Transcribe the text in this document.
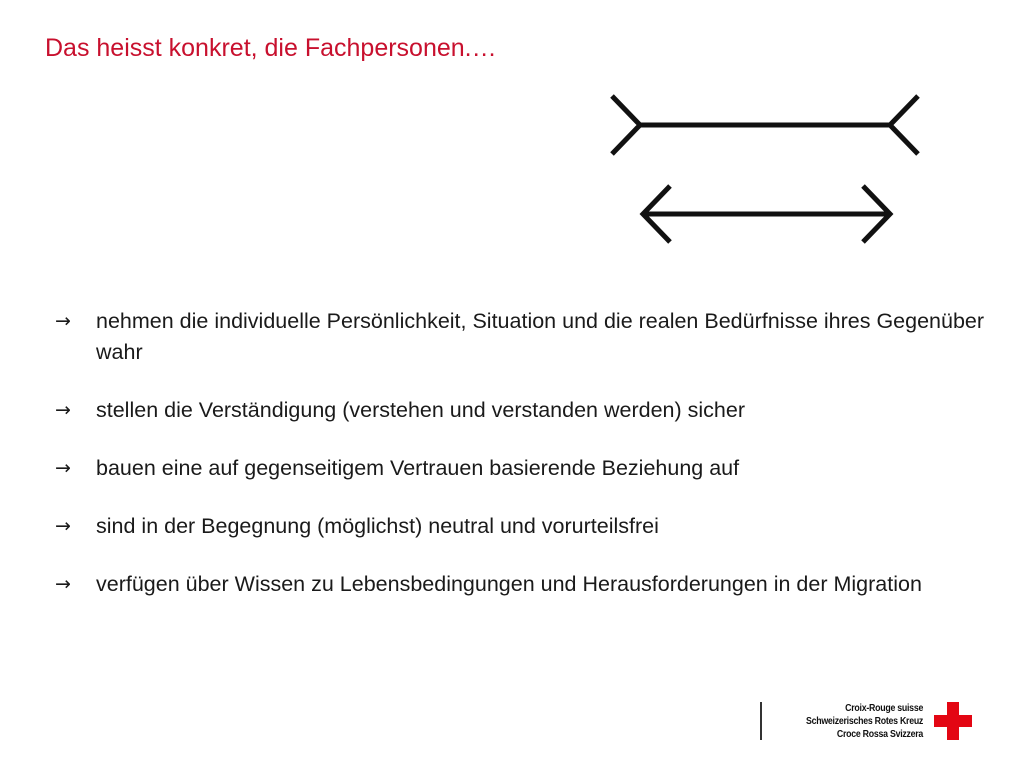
Das heisst konkret, die Fachpersonen.…
→ nehmen die individuelle Persönlichkeit, Situation und die realen Bedürfnisse ihres Gegenüber wahr
→ stellen die Verständigung (verstehen und verstanden werden) sicher
→ bauen eine auf gegenseitigem Vertrauen basierende Beziehung auf
→ sind in der Begegnung (möglichst) neutral und vorurteilsfrei
→ verfügen über Wissen zu Lebensbedingungen und Herausforderungen in der Migration
Croix-Rouge suisse
Schweizerisches Rotes Kreuz
Croce Rossa Svizzera
